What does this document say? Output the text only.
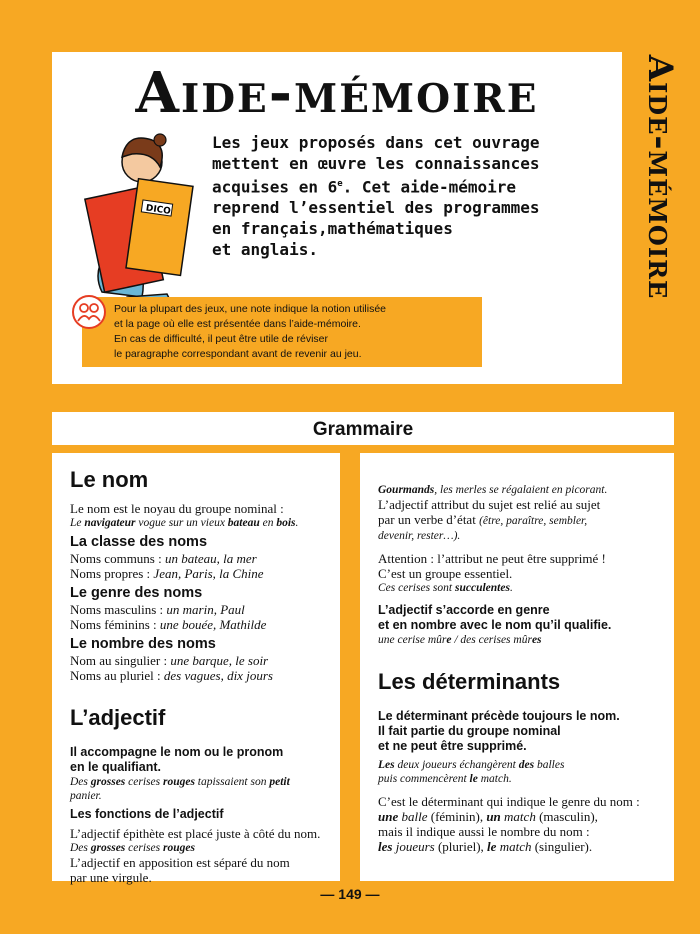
Aide-mémoire
DICO
Les jeux proposés dans cet ouvrage
mettent en œuvre les connaissances
acquises en 6e. Cet aide-mémoire
reprend l’essentiel des programmes
en français,mathématiques
et anglais.
Pour la plupart des jeux, une note indique la notion utilisée
et la page où elle est présentée dans l’aide-mémoire.
En cas de difficulté, il peut être utile de réviser
le paragraphe correspondant avant de revenir au jeu.
Aide-mémoire
Grammaire

Le nom

Le nom est le noyau du groupe nominal :

Le navigateur vogue sur un vieux bateau en bois.

La classe des noms

Noms communs : un bateau, la mer

Noms propres : Jean, Paris, la Chine

Le genre des noms

Noms masculins : un marin, Paul

Noms féminins : une bouée, Mathilde

Le nombre des noms

Nom au singulier : une barque, le soir

Noms au pluriel : des vagues, dix jours

L’adjectif

Il accompagne le nom ou le pronom

en le qualifiant.

Des grosses cerises rouges tapissaient son petit panier.

Les fonctions de l’adjectif

L’adjectif épithète est placé juste à côté du nom.

Des grosses cerises rouges

L’adjectif en apposition est séparé du nom

par une virgule.

Gourmands, les merles se régalaient en picorant.

L’adjectif attribut du sujet est relié au sujet

par un verbe d’état (être, paraître, sembler,

devenir, rester…).

Attention : l’attribut ne peut être supprimé !

C’est un groupe essentiel.

Ces cerises sont succulentes.

L’adjectif s’accorde en genre

et en nombre avec le nom qu’il qualifie.

une cerise mûre / des cerises mûres

Les déterminants

Le déterminant précède toujours le nom.

Il fait partie du groupe nominal

et ne peut être supprimé.

Les deux joueurs échangèrent des balles

puis commencèrent le match.

C’est le déterminant qui indique le genre du nom :

une balle (féminin), un match (masculin),

mais il indique aussi le nombre du nom :

les joueurs (pluriel), le match (singulier).

— 149 —
